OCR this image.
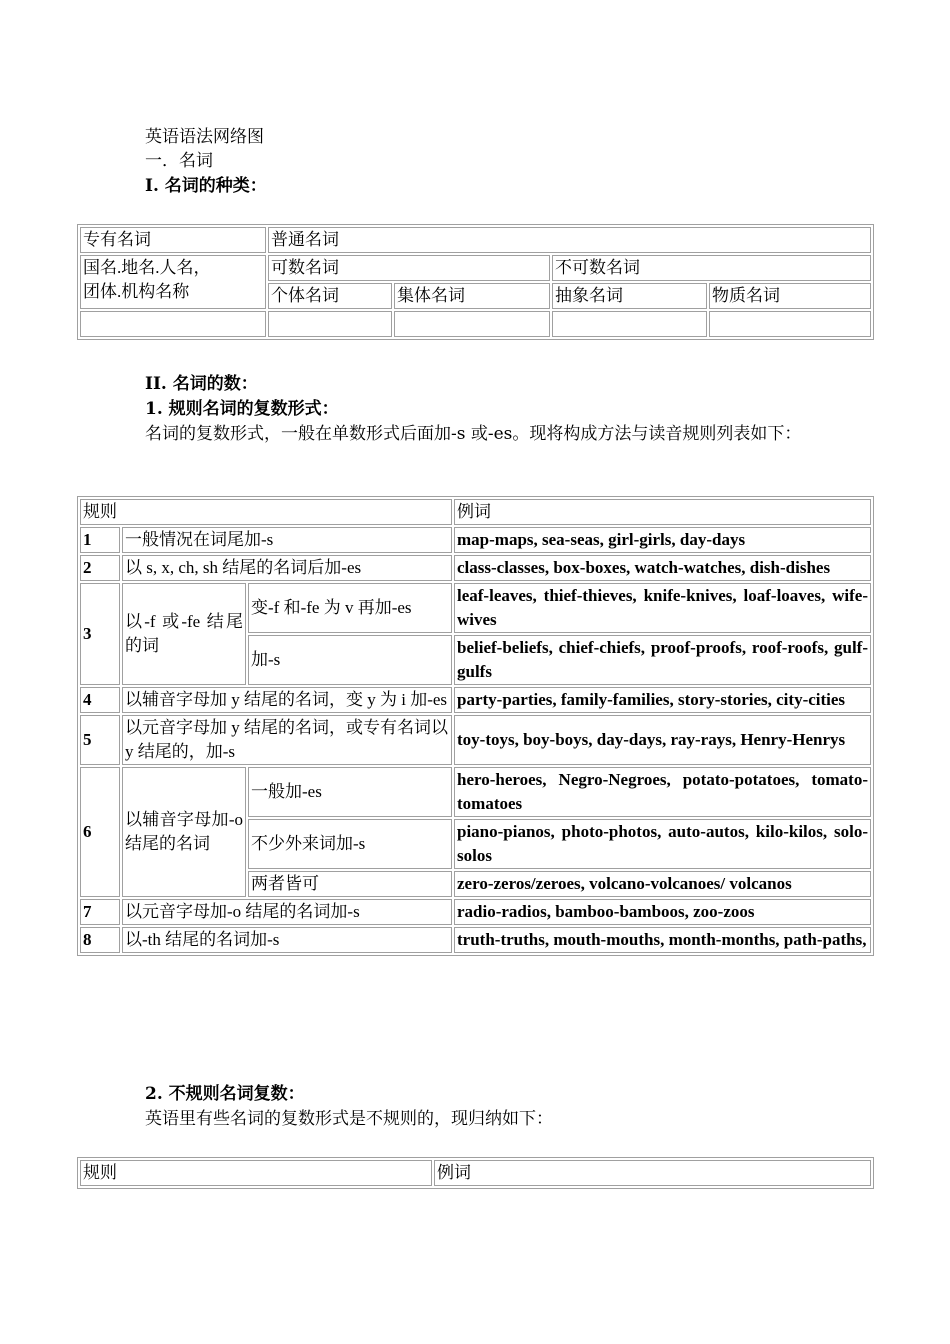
英语语法网络图
一．名词
I. 名词的种类：
专有名词	普通名词			

国名.地名.人名，
团体.机构名称	可数名词		不可数名词	
	个体名词	集体名词	抽象名词	物质名词

II. 名词的数：
1. 规则名词的复数形式：
名词的复数形式，一般在单数形式后面加-s 或-es。现将构成方法与读音规则列表如下：
规则			例词
1	一般情况在词尾加-s		map-maps, sea-seas, girl-girls, day-days
2	以 s, x, ch, sh 结尾的名词后加-es		class-classes, box-boxes, watch-watches, dish-dishes
3	以-f 或-fe 结尾的词	变-f 和-fe 为 v 再加-es	leaf-leaves, thief-thieves, knife-knives, loaf-loaves, wife-wives
		加-s	belief-beliefs, chief-chiefs, proof-proofs, roof-roofs, gulf-gulfs
4	以辅音字母加 y 结尾的名词，变 y 为 i 加-es		party-parties, family-families, story-stories, city-cities
5	以元音字母加 y 结尾的名词，或专有名词以 y 结尾的，加-s		toy-toys, boy-boys, day-days, ray-rays, Henry-Henrys
6	以辅音字母加-o 结尾的名词	一般加-es	hero-heroes, Negro-Negroes, potato-potatoes, tomato-tomatoes
		不少外来词加-s	piano-pianos, photo-photos, auto-autos, kilo-kilos, solo-solos
		两者皆可	zero-zeros/zeroes, volcano-volcanoes/ volcanos
7	以元音字母加-o 结尾的名词加-s		radio-radios, bamboo-bamboos, zoo-zoos
8	以-th 结尾的名词加-s		truth-truths, mouth-mouths, month-months, path-paths,
2. 不规则名词复数：
英语里有些名词的复数形式是不规则的，现归纳如下：
规则	例词
